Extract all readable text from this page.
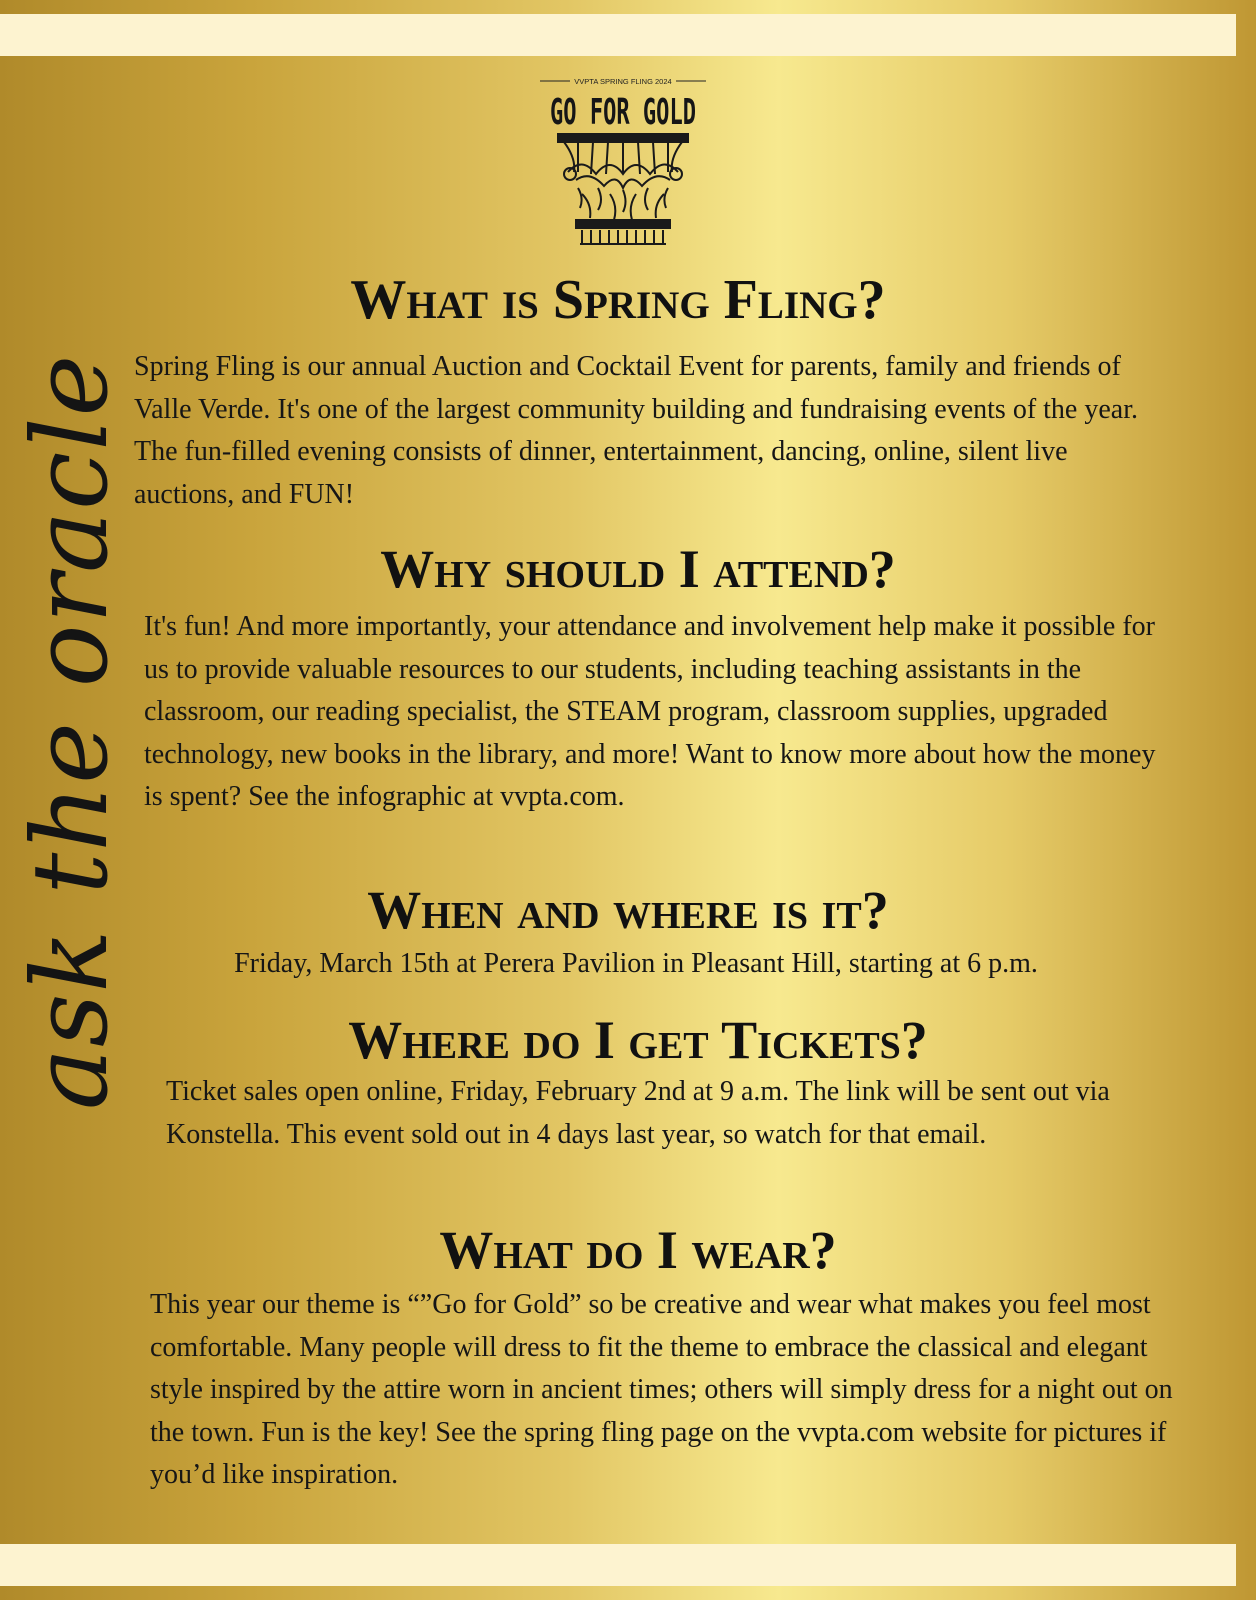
VVPTA SPRING FLING 2024
GO FOR GOLD
ask the oracle
What is Spring Fling?

Spring Fling is our annual Auction and Cocktail Event for parents, family and friends of Valle Verde. It's one of the largest community building and fundraising events of the year. The fun-filled evening consists of dinner, entertainment, dancing, online, silent live auctions, and FUN!

Why should I attend?

It's fun! And more importantly, your attendance and involvement help make it possible for us to provide valuable resources to our students, including teaching assistants in the classroom, our reading specialist, the STEAM program, classroom supplies, upgraded technology, new books in the library, and more! Want to know more about how the money is spent? See the infographic at vvpta.com.

When and where is it?

Friday, March 15th at Perera Pavilion in Pleasant Hill, starting at 6 p.m.

Where do I get Tickets?

Ticket sales open online, Friday, February 2nd at 9 a.m. The link will be sent out via Konstella. This event sold out in 4 days last year, so watch for that email.

What do I wear?

This year our theme is “”Go for Gold” so be creative and wear what makes you feel most comfortable. Many people will dress to fit the theme to embrace the classical and elegant style inspired by the attire worn in ancient times; others will simply dress for a night out on the town. Fun is the key! See the spring fling page on the vvpta.com website for pictures if you’d like inspiration.
